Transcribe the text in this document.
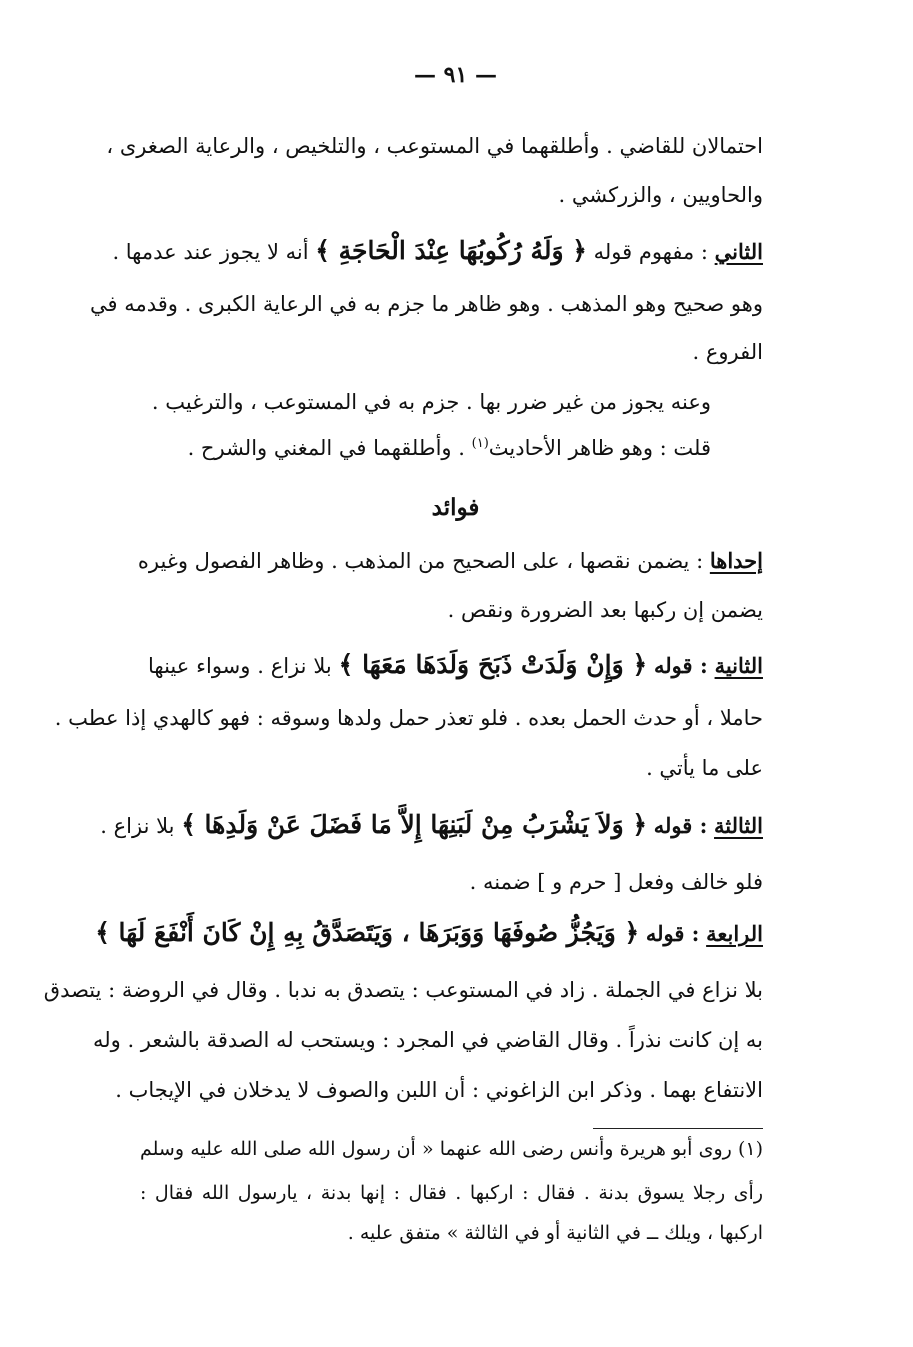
— ٩١ —
احتمالان للقاضي . وأطلقهما في المستوعب ، والتلخيص ، والرعاية الصغرى ،
والحاويين ، والزركشي .
الثاني : مفهوم قوله ﴿ وَلَهُ رُكُوبُهَا عِنْدَ الْحَاجَةِ ﴾ أنه لا يجوز عند عدمها .
وهو صحيح وهو المذهب . وهو ظاهر ما جزم به في الرعاية الكبرى . وقدمه في
الفروع .
وعنه يجوز من غير ضرر بها . جزم به في المستوعب ، والترغيب .
قلت : وهو ظاهر الأحاديث$^{(١)}$ . وأطلقهما في المغني والشرح .
فوائد
إحداها : يضمن نقصها ، على الصحيح من المذهب . وظاهر الفصول وغيره
يضمن إن ركبها بعد الضرورة ونقص .
الثانية : قوله ﴿ وَإِنْ وَلَدَتْ ذَبَحَ وَلَدَهَا مَعَهَا ﴾ بلا نزاع . وسواء عينها
حاملا ، أو حدث الحمل بعده . فلو تعذر حمل ولدها وسوقه : فهو كالهدي إذا عطب .
على ما يأتي .
الثالثة : قوله ﴿ وَلاَ يَشْرَبُ مِنْ لَبَنِهَا إِلاَّ مَا فَضَلَ عَنْ وَلَدِهَا ﴾ بلا نزاع .
فلو خالف وفعل [ حرم و ] ضمنه .
الرابعة : قوله ﴿ وَيَجُزُّ صُوفَهَا وَوَبَرَهَا ، وَيَتَصَدَّقُ بِهِ إِنْ كَانَ أَنْفَعَ لَهَا ﴾
بلا نزاع في الجملة . زاد في المستوعب : يتصدق به ندبا . وقال في الروضة : يتصدق
به إن كانت نذراً . وقال القاضي في المجرد : ويستحب له الصدقة بالشعر . وله
الانتفاع بهما . وذكر ابن الزاغوني : أن اللبن والصوف لا يدخلان في الإيجاب .
(١) روى أبو هريرة وأنس رضى الله عنهما « أن رسول الله صلى الله عليه وسلم
رأى رجلا يسوق بدنة . فقال : اركبها . فقال : إنها بدنة ، يارسول الله فقال :
اركبها ، ويلك ــ في الثانية أو في الثالثة » متفق عليه .
